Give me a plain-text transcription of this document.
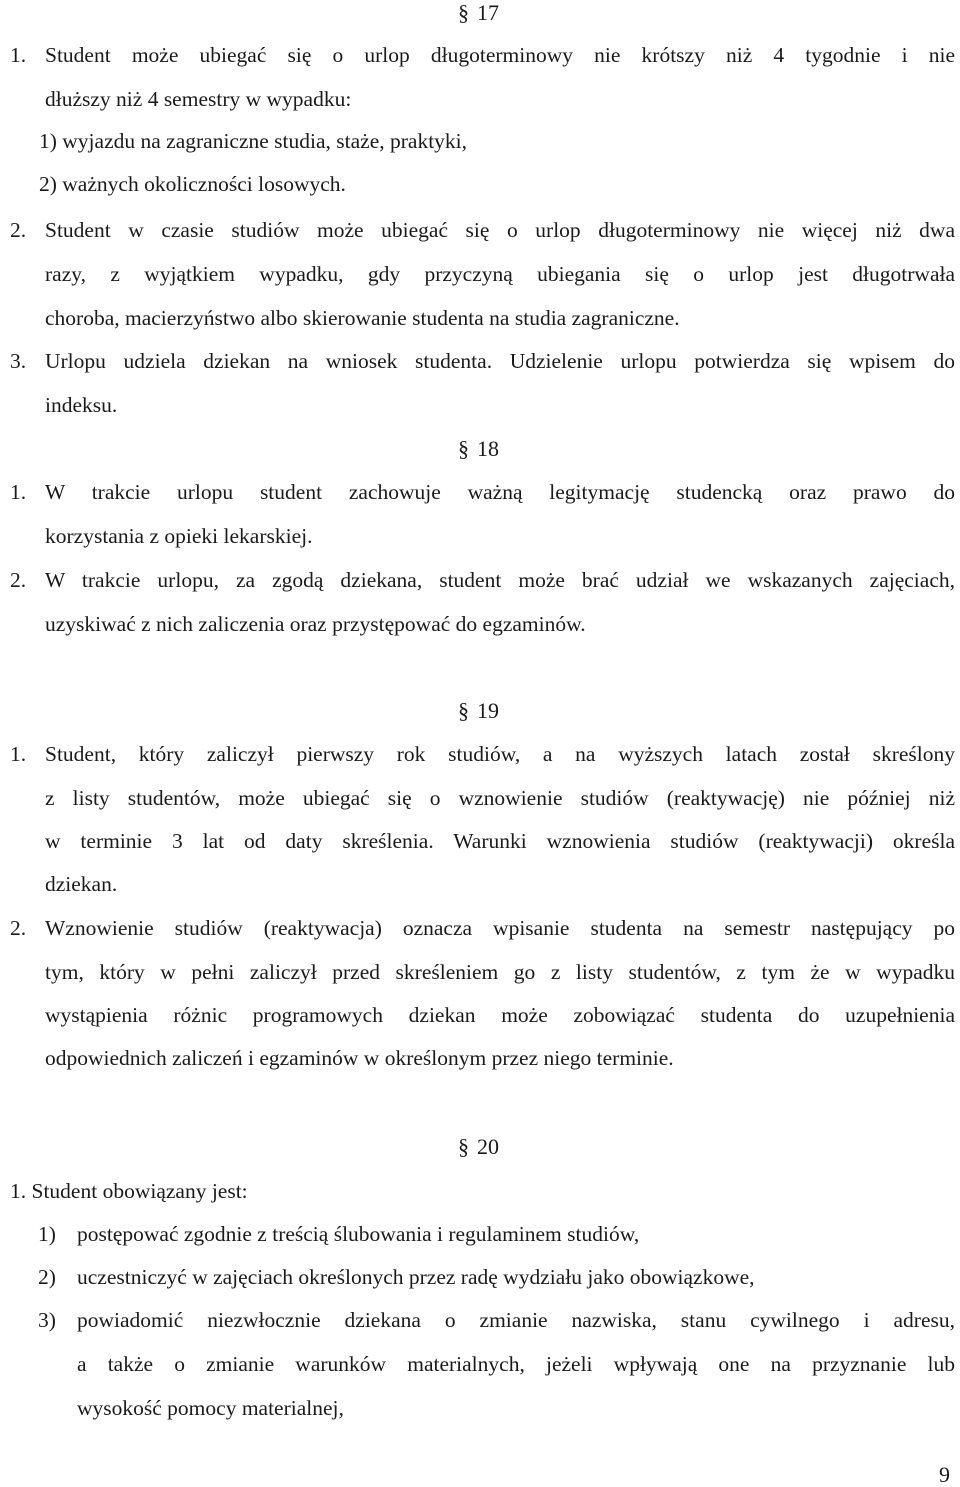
§ 17
1. Student może ubiegać się o urlop długoterminowy nie krótszy niż 4 tygodnie i nie
dłuższy niż 4 semestry w wypadku:
1) wyjazdu na zagraniczne studia, staże, praktyki,
2) ważnych okoliczności losowych.
2. Student w czasie studiów może ubiegać się o urlop długoterminowy nie więcej niż dwa
razy, z wyjątkiem wypadku, gdy przyczyną ubiegania się o urlop jest długotrwała
choroba, macierzyństwo albo skierowanie studenta na studia zagraniczne.
3. Urlopu udziela dziekan na wniosek studenta. Udzielenie urlopu potwierdza się wpisem do
indeksu.
§ 18
1. W trakcie urlopu student zachowuje ważną legitymację studencką oraz prawo do
korzystania z opieki lekarskiej.
2. W trakcie urlopu, za zgodą dziekana, student może brać udział we wskazanych zajęciach,
uzyskiwać z nich zaliczenia oraz przystępować do egzaminów.
§ 19
1. Student, który zaliczył pierwszy rok studiów, a na wyższych latach został skreślony
z listy studentów, może ubiegać się o wznowienie studiów (reaktywację) nie później niż
w terminie 3 lat od daty skreślenia. Warunki wznowienia studiów (reaktywacji) określa
dziekan.
2. Wznowienie studiów (reaktywacja) oznacza wpisanie studenta na semestr następujący po
tym, który w pełni zaliczył przed skreśleniem go z listy studentów, z tym że w wypadku
wystąpienia różnic programowych dziekan może zobowiązać studenta do uzupełnienia
odpowiednich zaliczeń i egzaminów w określonym przez niego terminie.
§ 20
1. Student obowiązany jest:
1) postępować zgodnie z treścią ślubowania i regulaminem studiów,
2) uczestniczyć w zajęciach określonych przez radę wydziału jako obowiązkowe,
3) powiadomić niezwłocznie dziekana o zmianie nazwiska, stanu cywilnego i adresu,
a także o zmianie warunków materialnych, jeżeli wpływają one na przyznanie lub
wysokość pomocy materialnej,
9
